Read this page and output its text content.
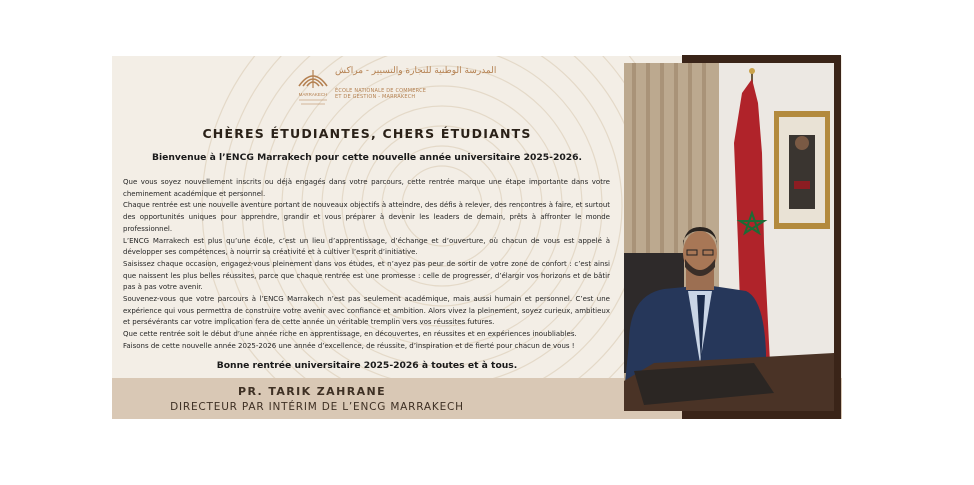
MARRAKECH
المدرسة الوطنية للتجارة والتسيير - مراكش
ÉCOLE NATIONALE DE COMMERCE
ET DE GESTION - MARRAKECH
CHÈRES ÉTUDIANTES, CHERS ÉTUDIANTS
Bienvenue à l’ENCG Marrakech pour cette nouvelle année universitaire 2025-2026.

Que vous soyez nouvellement inscrits ou déjà engagés dans votre parcours, cette rentrée marque une étape importante dans votre cheminement académique et personnel.

Chaque rentrée est une nouvelle aventure portant de nouveaux objectifs à atteindre, des défis à relever, des rencontres à faire, et surtout des opportunités uniques pour apprendre, grandir et vous préparer à devenir les leaders de demain, prêts à affronter le monde professionnel.

L’ENCG Marrakech est plus qu’une école, c’est un lieu d’apprentissage, d’échange et d’ouverture, où chacun de vous est appelé à développer ses compétences, à nourrir sa créativité et à cultiver l’esprit d’initiative.

Saisissez chaque occasion, engagez-vous pleinement dans vos études, et n’ayez pas peur de sortir de votre zone de confort : c’est ainsi que naissent les plus belles réussites, parce que chaque rentrée est une promesse : celle de progresser, d’élargir vos horizons et de bâtir pas à pas votre avenir.

Souvenez-vous que votre parcours à l’ENCG Marrakech n’est pas seulement académique, mais aussi humain et personnel. C’est une expérience qui vous permettra de construire votre avenir avec confiance et ambition. Alors vivez la pleinement, soyez curieux, ambitieux et persévérants car votre implication fera de cette année un véritable tremplin vers vos réussites futures.

Que cette rentrée soit le début d’une année riche en apprentissage, en découvertes, en réussites et en expériences inoubliables.

Faisons de cette nouvelle année 2025-2026 une année d’excellence, de réussite, d’inspiration et de fierté pour chacun de vous !

Bonne rentrée universitaire 2025-2026 à toutes et à tous.
PR. TARIK ZAHRANE
DIRECTEUR PAR INTÉRIM DE L’ENCG MARRAKECH
